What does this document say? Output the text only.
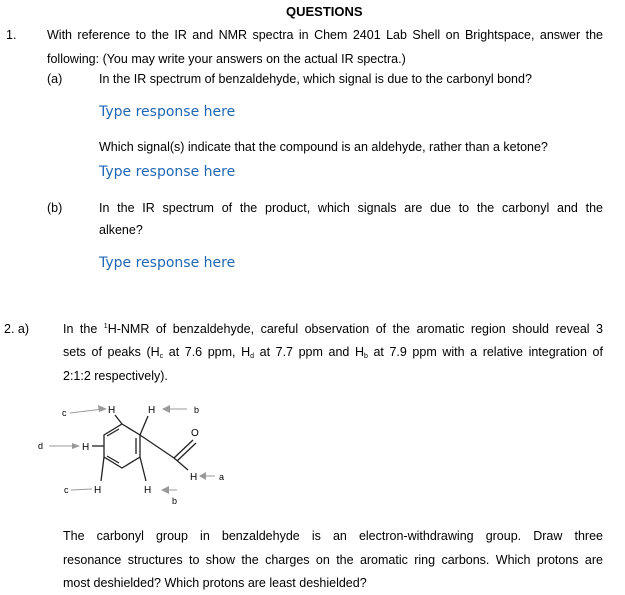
QUESTIONS
1. With reference to the IR and NMR spectra in Chem 2401 Lab Shell on Brightspace, answer the
following: (You may write your answers on the actual IR spectra.)
(a)	In the IR spectrum of benzaldehyde, which signal is due to the carbonyl bond?
Type response here
Which signal(s) indicate that the compound is an aldehyde, rather than a ketone?
Type response here
(b)	In the IR spectrum of the product, which signals are due to the carbonyl and the
alkene?
Type response here
2. a)	In the $^1$H-NMR of benzaldehyde, careful observation of the aromatic region should reveal 3
sets of peaks ($H_c$ at 7.6 ppm, $H_d$ at 7.7 ppm and $H_b$ at 7.9 ppm with a relative integration of
2:1:2 respectively).
H	H
H
H	H
H
O
c	b
d
a
c
b
The carbonyl group in benzaldehyde is an electron-withdrawing group. Draw three
resonance structures to show the charges on the aromatic ring carbons. Which protons are
most deshielded? Which protons are least deshielded?
